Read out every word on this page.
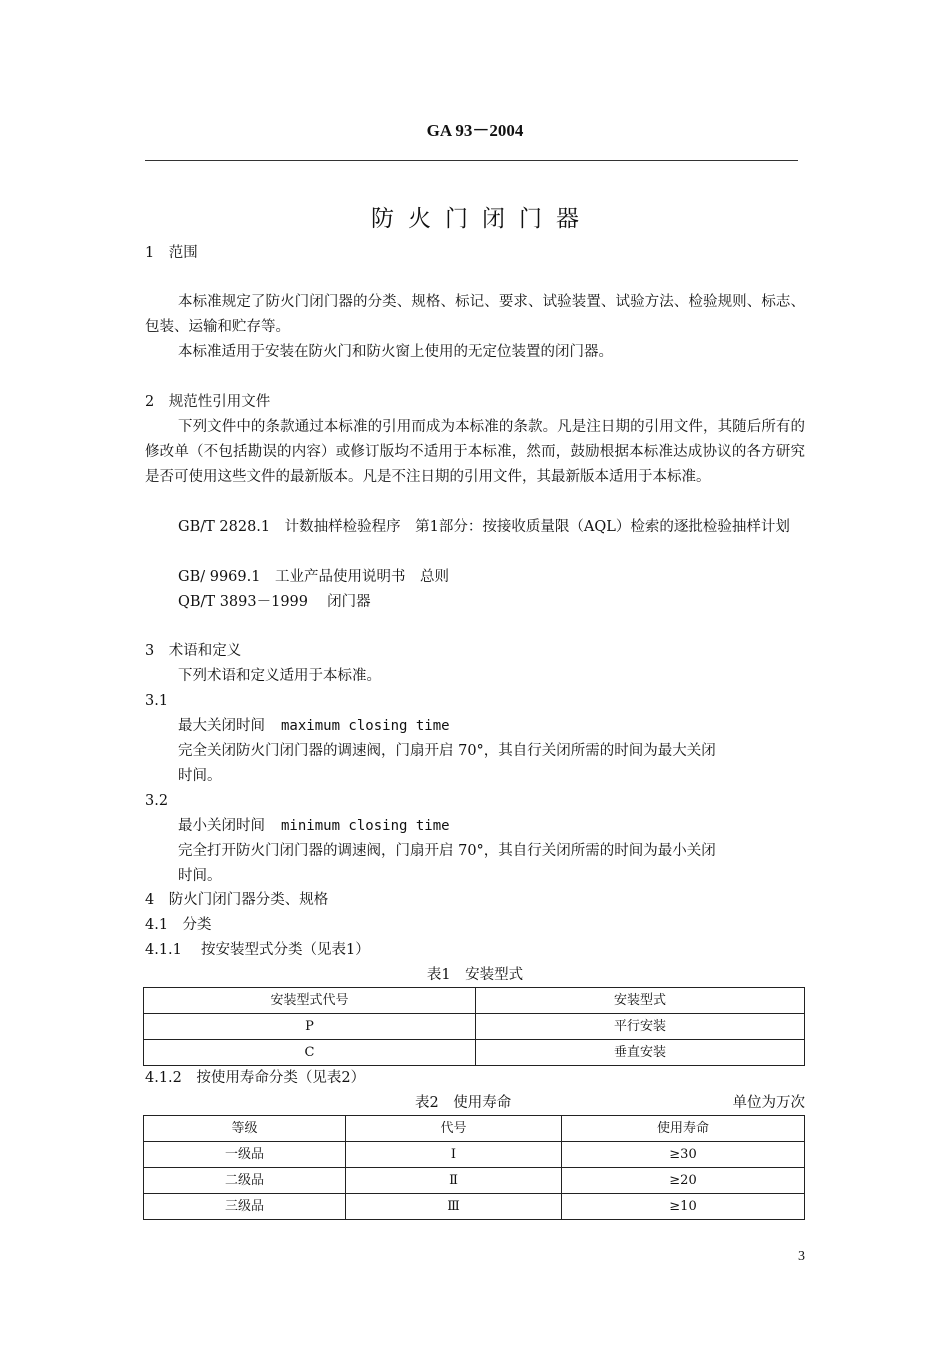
GA 93－2004
防火门闭门器
1　范围
本标准规定了防火门闭门器的分类、规格、标记、要求、试验装置、试验方法、检验规则、标志、包装、运输和贮存等。
本标准适用于安装在防火门和防火窗上使用的无定位装置的闭门器。
2　规范性引用文件
下列文件中的条款通过本标准的引用而成为本标准的条款。凡是注日期的引用文件，其随后所有的修改单（不包括勘误的内容）或修订版均不适用于本标准，然而，鼓励根据本标准达成协议的各方研究是否可使用这些文件的最新版本。凡是不注日期的引用文件，其最新版本适用于本标准。
GB/T 2828.1　计数抽样检验程序　第1部分：按接收质量限（AQL）检索的逐批检验抽样计划
GB/ 9969.1　工业产品使用说明书　总则
QB/T 3893－1999　 闭门器
3　术语和定义
下列术语和定义适用于本标准。
3.1
最大关闭时间 maximum closing time
完全关闭防火门闭门器的调速阀，门扇开启 70°，其自行关闭所需的时间为最大关闭
时间。
3.2
最小关闭时间 minimum closing time
完全打开防火门闭门器的调速阀，门扇开启 70°，其自行关闭所需的时间为最小关闭
时间。
4　防火门闭门器分类、规格
4.1　分类
4.1.1　 按安装型式分类（见表1）
表1　安装型式
安装型式代号	安装型式
P	平行安装
C	垂直安装
4.1.2　按使用寿命分类（见表2）
表2　使用寿命	单位为万次
等级	代号	使用寿命
一级品	Ⅰ	≥30
二级品	Ⅱ	≥20
三级品	Ⅲ	≥10
3
